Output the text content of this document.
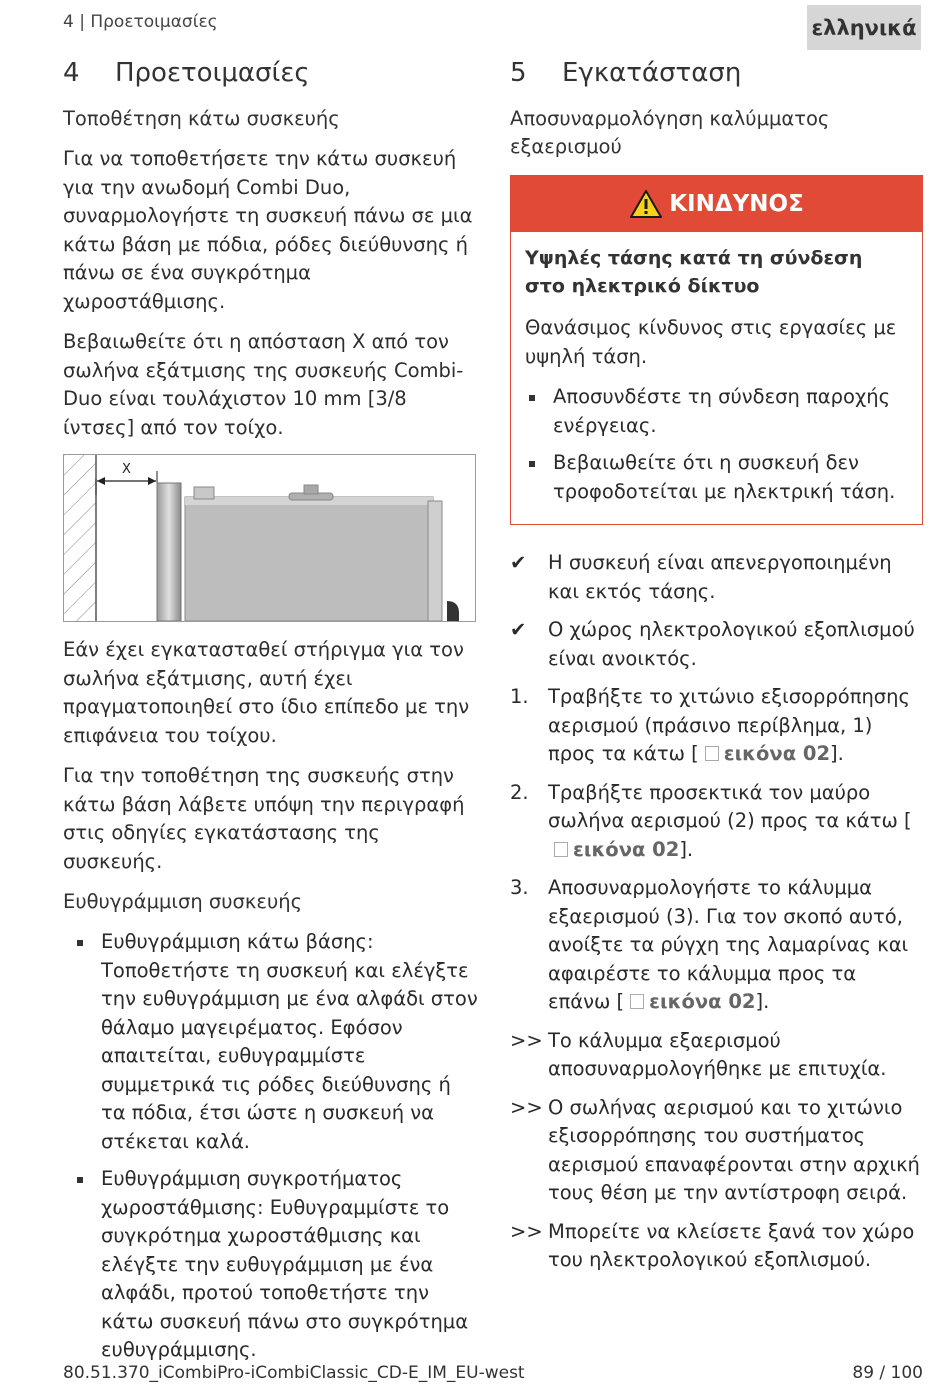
4 | Προετοιμασίες	ελληνικά
4 Προετοιμασίες
Τοποθέτηση κάτω συσκευής
Για να τοποθετήσετε την κάτω συσκευή για την ανωδομή Combi Duo, συναρμολογήστε τη συσκευή πάνω σε μια κάτω βάση με πόδια, ρόδες διεύθυνσης ή πάνω σε ένα συγκρότημα χωροστάθμισης.
Βεβαιωθείτε ότι η απόσταση X από τον σωλήνα εξάτμισης της συσκευής Combi-Duo είναι τουλάχιστον 10 mm [3/8 ίντσες] από τον τοίχο.
X
Εάν έχει εγκατασταθεί στήριγμα για τον σωλήνα εξάτμισης, αυτή έχει πραγματοποιηθεί στο ίδιο επίπεδο με την επιφάνεια του τοίχου.
Για την τοποθέτηση της συσκευής στην κάτω βάση λάβετε υπόψη την περιγραφή στις οδηγίες εγκατάστασης της συσκευής.
Ευθυγράμμιση συσκευής
Ευθυγράμμιση κάτω βάσης: Τοποθετήστε τη συσκευή και ελέγξτε την ευθυγράμμιση με ένα αλφάδι στον θάλαμο μαγειρέματος. Εφόσον απαιτείται, ευθυγραμμίστε συμμετρικά τις ρόδες διεύθυνσης ή τα πόδια, έτσι ώστε η συσκευή να στέκεται καλά.
Ευθυγράμμιση συγκροτήματος χωροστάθμισης: Ευθυγραμμίστε το συγκρότημα χωροστάθμισης και ελέγξτε την ευθυγράμμιση με ένα αλφάδι, προτού τοποθετήστε την κάτω συσκευή πάνω στο συγκρότημα ευθυγράμμισης.
5 Εγκατάσταση
Αποσυναρμολόγηση καλύμματος εξαερισμού
ΚΙΝΔΥΝΟΣ
Υψηλές τάσης κατά τη σύνδεση στο ηλεκτρικό δίκτυο
Θανάσιμος κίνδυνος στις εργασίες με υψηλή τάση.
Αποσυνδέστε τη σύνδεση παροχής ενέργειας.
Βεβαιωθείτε ότι η συσκευή δεν τροφοδοτείται με ηλεκτρική τάση.
✔	Η συσκευή είναι απενεργοποιημένη και εκτός τάσης.
✔	Ο χώρος ηλεκτρολογικού εξοπλισμού είναι ανοικτός.
1. Τραβήξτε το χιτώνιο εξισορρόπησης αερισμού (πράσινο περίβλημα, 1) προς τα κάτω [ εικόνα 02].
2. Τραβήξτε προσεκτικά τον μαύρο σωλήνα αερισμού (2) προς τα κάτω [εικόνα 02].
3. Αποσυναρμολογήστε το κάλυμμα εξαερισμού (3). Για τον σκοπό αυτό, ανοίξτε τα ρύγχη της λαμαρίνας και αφαιρέστε το κάλυμμα προς τα επάνω [ εικόνα 02].
>> Το κάλυμμα εξαερισμού αποσυναρμολογήθηκε με επιτυχία.
>> Ο σωλήνας αερισμού και το χιτώνιο εξισορρόπησης του συστήματος αερισμού επαναφέρονται στην αρχική τους θέση με την αντίστροφη σειρά.
>> Μπορείτε να κλείσετε ξανά τον χώρο του ηλεκτρολογικού εξοπλισμού.
80.51.370_iCombiPro-iCombiClassic_CD-E_IM_EU-west	89 / 100
